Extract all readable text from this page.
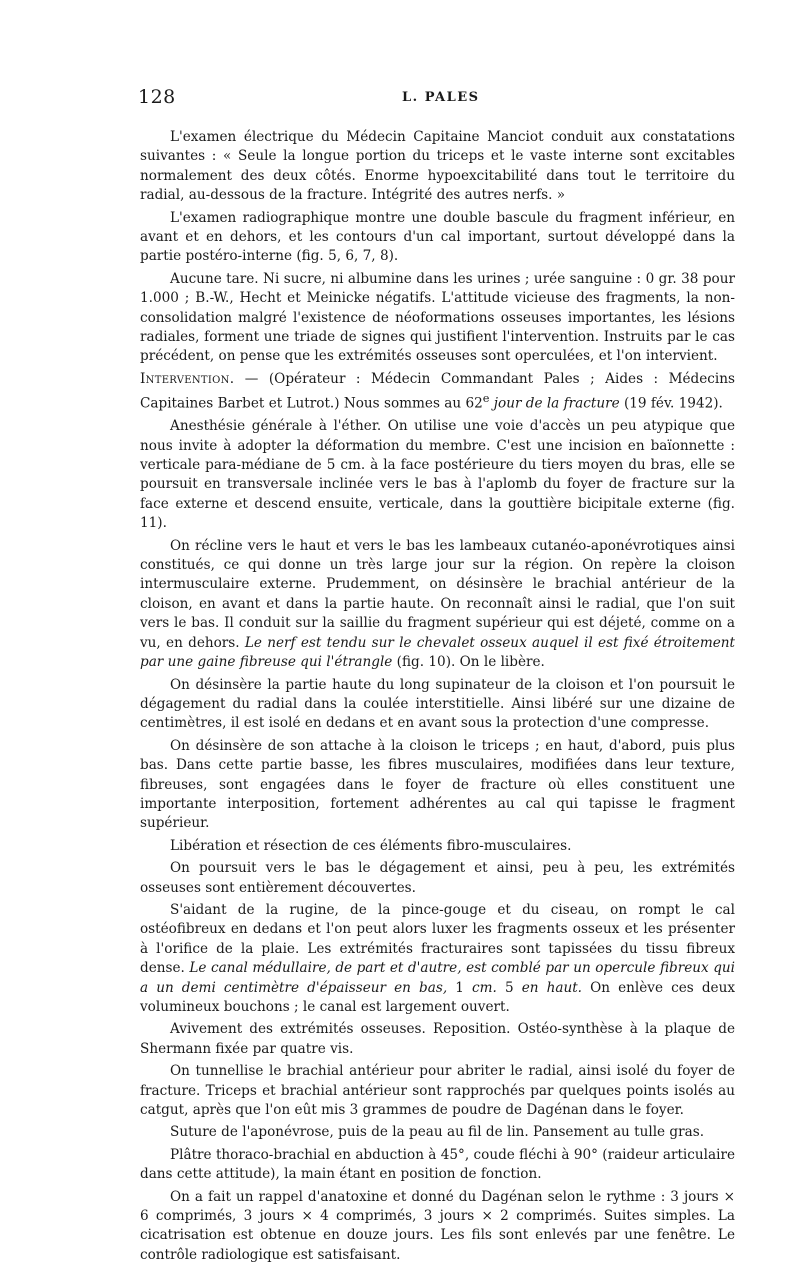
128	L. PALES

L'examen électrique du Médecin Capitaine Manciot conduit aux constatations suivantes : « Seule la longue portion du triceps et le vaste interne sont excitables normalement des deux côtés. Enorme hypoexcitabilité dans tout le territoire du radial, au-dessous de la fracture. Intégrité des autres nerfs. »

L'examen radiographique montre une double bascule du fragment inférieur, en avant et en dehors, et les contours d'un cal important, surtout développé dans la partie postéro-interne (fig. 5, 6, 7, 8).

Aucune tare. Ni sucre, ni albumine dans les urines ; urée sanguine : 0 gr. 38 pour 1.000 ; B.-W., Hecht et Meinicke négatifs. L'attitude vicieuse des fragments, la non-consolidation malgré l'existence de néoformations osseuses importantes, les lésions radiales, forment une triade de signes qui justifient l'intervention. Instruits par le cas précédent, on pense que les extrémités osseuses sont operculées, et l'on intervient.

Intervention. — (Opérateur : Médecin Commandant Pales ; Aides : Médecins Capitaines Barbet et Lutrot.) Nous sommes au 62e jour de la fracture (19 fév. 1942).

Anesthésie générale à l'éther. On utilise une voie d'accès un peu atypique que nous invite à adopter la déformation du membre. C'est une incision en baïonnette : verticale para-médiane de 5 cm. à la face postérieure du tiers moyen du bras, elle se poursuit en transversale inclinée vers le bas à l'aplomb du foyer de fracture sur la face externe et descend ensuite, verticale, dans la gouttière bicipitale externe (fig. 11).

On récline vers le haut et vers le bas les lambeaux cutanéo-aponévrotiques ainsi constitués, ce qui donne un très large jour sur la région. On repère la cloison intermusculaire externe. Prudemment, on désinsère le brachial antérieur de la cloison, en avant et dans la partie haute. On reconnaît ainsi le radial, que l'on suit vers le bas. Il conduit sur la saillie du fragment supérieur qui est déjeté, comme on a vu, en dehors. Le nerf est tendu sur le chevalet osseux auquel il est fixé étroitement par une gaine fibreuse qui l'étrangle (fig. 10). On le libère.

On désinsère la partie haute du long supinateur de la cloison et l'on poursuit le dégagement du radial dans la coulée interstitielle. Ainsi libéré sur une dizaine de centimètres, il est isolé en dedans et en avant sous la protection d'une compresse.

On désinsère de son attache à la cloison le triceps ; en haut, d'abord, puis plus bas. Dans cette partie basse, les fibres musculaires, modifiées dans leur texture, fibreuses, sont engagées dans le foyer de fracture où elles constituent une importante interposition, fortement adhérentes au cal qui tapisse le fragment supérieur.

Libération et résection de ces éléments fibro-musculaires.

On poursuit vers le bas le dégagement et ainsi, peu à peu, les extrémités osseuses sont entièrement découvertes.

S'aidant de la rugine, de la pince-gouge et du ciseau, on rompt le cal ostéofibreux en dedans et l'on peut alors luxer les fragments osseux et les présenter à l'orifice de la plaie. Les extrémités fracturaires sont tapissées du tissu fibreux dense. Le canal médullaire, de part et d'autre, est comblé par un opercule fibreux qui a un demi centimètre d'épaisseur en bas, 1 cm. 5 en haut. On enlève ces deux volumineux bouchons ; le canal est largement ouvert.

Avivement des extrémités osseuses. Reposition. Ostéo-synthèse à la plaque de Shermann fixée par quatre vis.

On tunnellise le brachial antérieur pour abriter le radial, ainsi isolé du foyer de fracture. Triceps et brachial antérieur sont rapprochés par quelques points isolés au catgut, après que l'on eût mis 3 grammes de poudre de Dagénan dans le foyer.

Suture de l'aponévrose, puis de la peau au fil de lin. Pansement au tulle gras.

Plâtre thoraco-brachial en abduction à 45°, coude fléchi à 90° (raideur articulaire dans cette attitude), la main étant en position de fonction.

On a fait un rappel d'anatoxine et donné du Dagénan selon le rythme : 3 jours × 6 comprimés, 3 jours × 4 comprimés, 3 jours × 2 comprimés. Suites simples. La cicatrisation est obtenue en douze jours. Les fils sont enlevés par une fenêtre. Le contrôle radiologique est satisfaisant.
